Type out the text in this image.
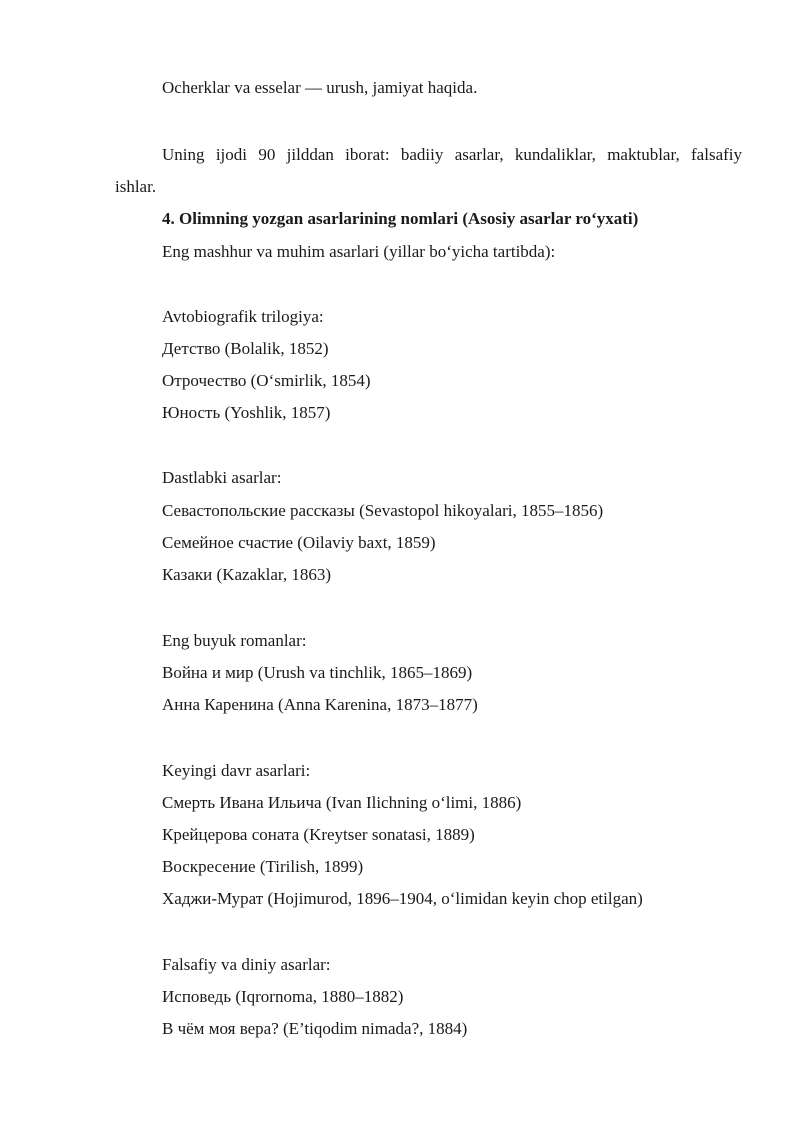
Ocherklar va esselar — urush, jamiyat haqida.
Uning ijodi 90 jilddan iborat: badiiy asarlar, kundaliklar, maktublar, falsafiy
ishlar.
4. Olimning yozgan asarlarining nomlari (Asosiy asarlar ro‘yxati)
Eng mashhur va muhim asarlari (yillar bo‘yicha tartibda):
Avtobiografik trilogiya:
Детство (Bolalik, 1852)
Отрочество (O‘smirlik, 1854)
Юность (Yoshlik, 1857)
Dastlabki asarlar:
Севастопольские рассказы (Sevastopol hikoyalari, 1855–1856)
Семейное счастие (Oilaviy baxt, 1859)
Казаки (Kazaklar, 1863)
Eng buyuk romanlar:
Война и мир (Urush va tinchlik, 1865–1869)
Анна Каренина (Anna Karenina, 1873–1877)
Keyingi davr asarlari:
Смерть Ивана Ильича (Ivan Ilichning o‘limi, 1886)
Крейцерова соната (Kreytser sonatasi, 1889)
Воскресение (Tirilish, 1899)
Хаджи-Мурат (Hojimurod, 1896–1904, o‘limidan keyin chop etilgan)
Falsafiy va diniy asarlar:
Исповедь (Iqrornoma, 1880–1882)
В чём моя вера? (E’tiqodim nimada?, 1884)
